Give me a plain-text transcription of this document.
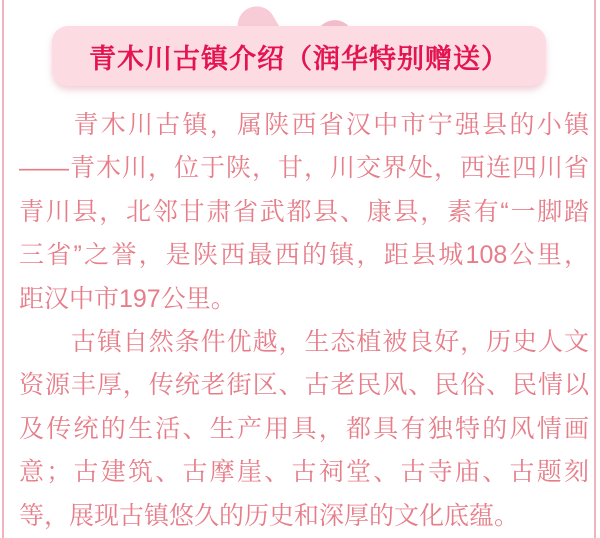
青木川古镇介绍（润华特别赠送）
　　青木川古镇，属陕西省汉中市宁强县的小镇
——青木川，位于陕，甘，川交界处，西连四川省
青川县，北邻甘肃省武都县、康县，素有“一脚踏
三省”之誉，是陕西最西的镇，距县城108公里，
距汉中市197公里。
　　古镇自然条件优越，生态植被良好，历史人文
资源丰厚，传统老街区、古老民风、民俗、民情以
及传统的生活、生产用具，都具有独特的风情画
意；古建筑、古摩崖、古祠堂、古寺庙、古题刻
等，展现古镇悠久的历史和深厚的文化底蕴。
